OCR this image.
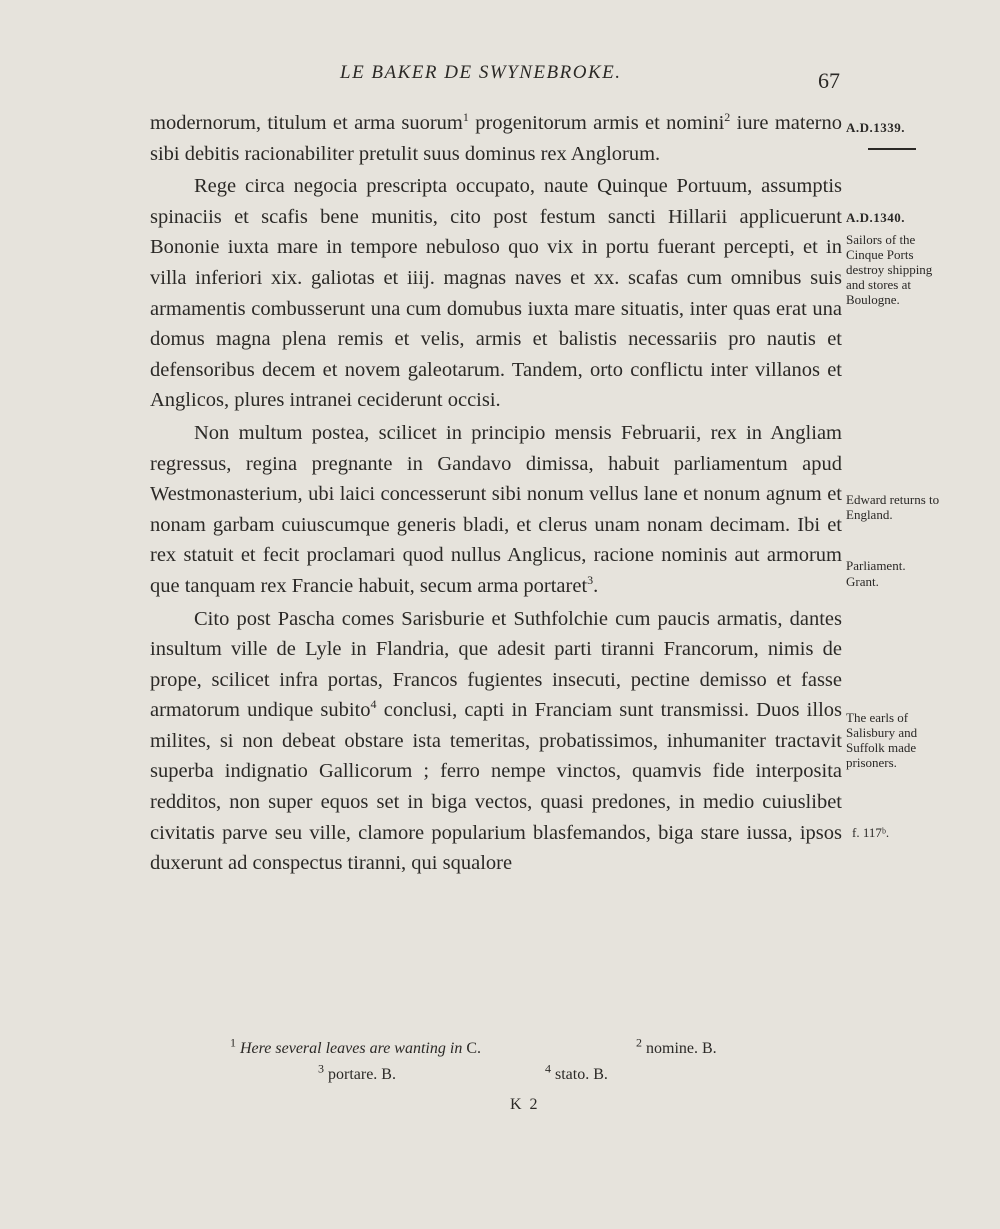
LE BAKER DE SWYNEBROKE.	67

modernorum, titulum et arma suorum$^1$ progenitorum armis et nomini$^2$ iure materno sibi debitis racionabiliter pretulit suus dominus rex Anglorum.

Rege circa negocia prescripta occupato, naute Quinque Portuum, assumptis spinaciis et scafis bene munitis, cito post festum sancti Hillarii applicuerunt Bononie iuxta mare in tempore nebuloso quo vix in portu fuerant percepti, et in villa inferiori xix. galiotas et iiij. magnas naves et xx. scafas cum omnibus suis armamentis combusserunt una cum domubus iuxta mare situatis, inter quas erat una domus magna plena remis et velis, armis et balistis necessariis pro nautis et defensoribus decem et novem galeotarum. Tandem, orto conflictu inter villanos et Anglicos, plures intranei ceciderunt occisi.

Non multum postea, scilicet in principio mensis Februarii, rex in Angliam regressus, regina pregnante in Gandavo dimissa, habuit parliamentum apud Westmonasterium, ubi laici concesserunt sibi nonum vellus lane et nonum agnum et nonam garbam cuiuscumque generis bladi, et clerus unam nonam decimam. Ibi et rex statuit et fecit proclamari quod nullus Anglicus, racione nominis aut armorum que tanquam rex Francie habuit, secum arma portaret$^3$.

Cito post Pascha comes Sarisburie et Suthfolchie cum paucis armatis, dantes insultum ville de Lyle in Flandria, que adesit parti tiranni Francorum, nimis de prope, scilicet infra portas, Francos fugientes insecuti, pectine demisso et fasse armatorum undique subito$^4$ conclusi, capti in Franciam sunt transmissi. Duos illos milites, si non debeat obstare ista temeritas, probatissimos, inhumaniter tractavit superba indignatio Gallicorum ; ferro nempe vinctos, quamvis fide interposita redditos, non super equos set in biga vectos, quasi predones, in medio cuiuslibet civitatis parve seu ville, clamore popularium blasfemandos, biga stare iussa, ipsos duxerunt ad conspectus tiranni, qui squalore

A.D.1339.
A.D.1340.
Sailors of the Cinque Ports destroy shipping and stores at Boulogne.
Edward returns to England.
Parliament.
Grant.
The earls of Salisbury and Suffolk made prisoners.
f. 117ᵇ.
$^1$ Here several leaves are wanting in C.	$^2$ nomine. B.
$^3$ portare. B.	$^4$ stato. B.
K 2
